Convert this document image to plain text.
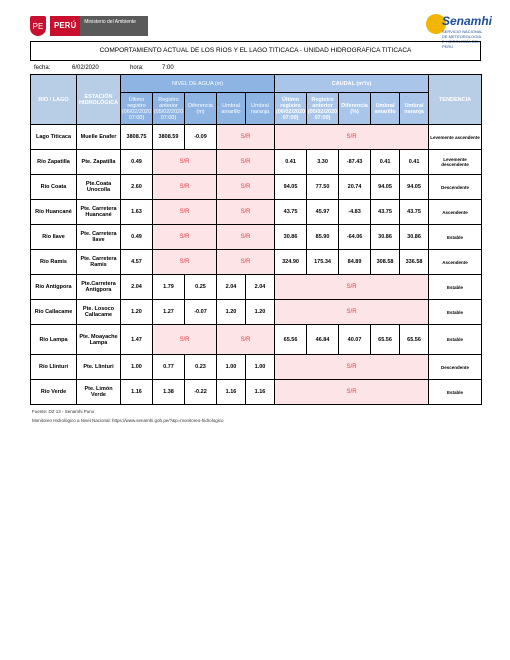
PE	PERÚ	Ministerio del Ambiente	Senamhi
SERVICIO NACIONAL DE METEOROLOGÍA E HIDROLOGÍA DEL PERÚ
COMPORTAMIENTO ACTUAL DE LOS RIOS Y EL LAGO TITICACA - UNIDAD HIDROGRAFICA TITICACA
fecha:	6/02/2020	hora:	7:00
RIO / LAGO	ESTACIÓN HIDROLÓGICA	NIVEL DE AGUA (m)					CAUDAL (m³/s)					TENDENCIA
		Último registro (06/02/2020 07:00)	Registro anterior (05/02/2020 07:00)	Diferencia (m)	Umbral amarillo	Umbral naranja	Último registro (06/02/2020 07:00)	Registro anterior (05/02/2020 07:00)	Diferencia (%)	Umbral amarillo	Umbral naranja	
Lago Titicaca	Muelle Enafer	3808.75	3808.59	-0.09	S/R		S/R					Levemente ascendente
Río Zapatilla	Pte. Zapatilla	0.49	S/R		S/R		0.41	3.30	-87.43	0.41	0.41	Levemente descendente
Río Coata	Pte.Coata Unocolla	2.60	S/R		S/R		94.05	77.50	20.74	94.05	94.05	Descendente
Río Huancané	Pte. Carretera Huancané	1.63	S/R		S/R		43.75	45.97	-4.83	43.75	43.75	Ascendente
Río Ilave	Pte. Carretera Ilave	0.49	S/R		S/R		30.86	85.90	-64.06	30.86	30.86	Estable
Río Ramis	Pte. Carretera Ramis	4.57	S/R		S/R		324.90	175.34	84.89	308.58	336.58	Ascendente
Río Antigpora	Pte.Carretera Antigpora	2.04	1.79	0.25	2.04	2.04	S/R					Estable
Río Callacame	Pte. Losoco Callacame	1.20	1.27	-0.07	1.20	1.20	S/R					Estable
Río Lampa	Pte. Moayache Lampa	1.47	S/R		S/R		65.56	46.84	40.07	65.56	65.56	Estable
Río Llinturi	Pte. Llinturi	1.00	0.77	0.23	1.00	1.00	S/R					Descendente
Río Verde	Pte. Limón Verde	1.16	1.38	-0.22	1.16	1.16	S/R					Estable
Fuente: DZ 13 - Senamhi Puno
Monitoreo Hidrológico a Nivel Nacional: https://www.senamhi.gob.pe/?&p=monitoreo-hidrologico
